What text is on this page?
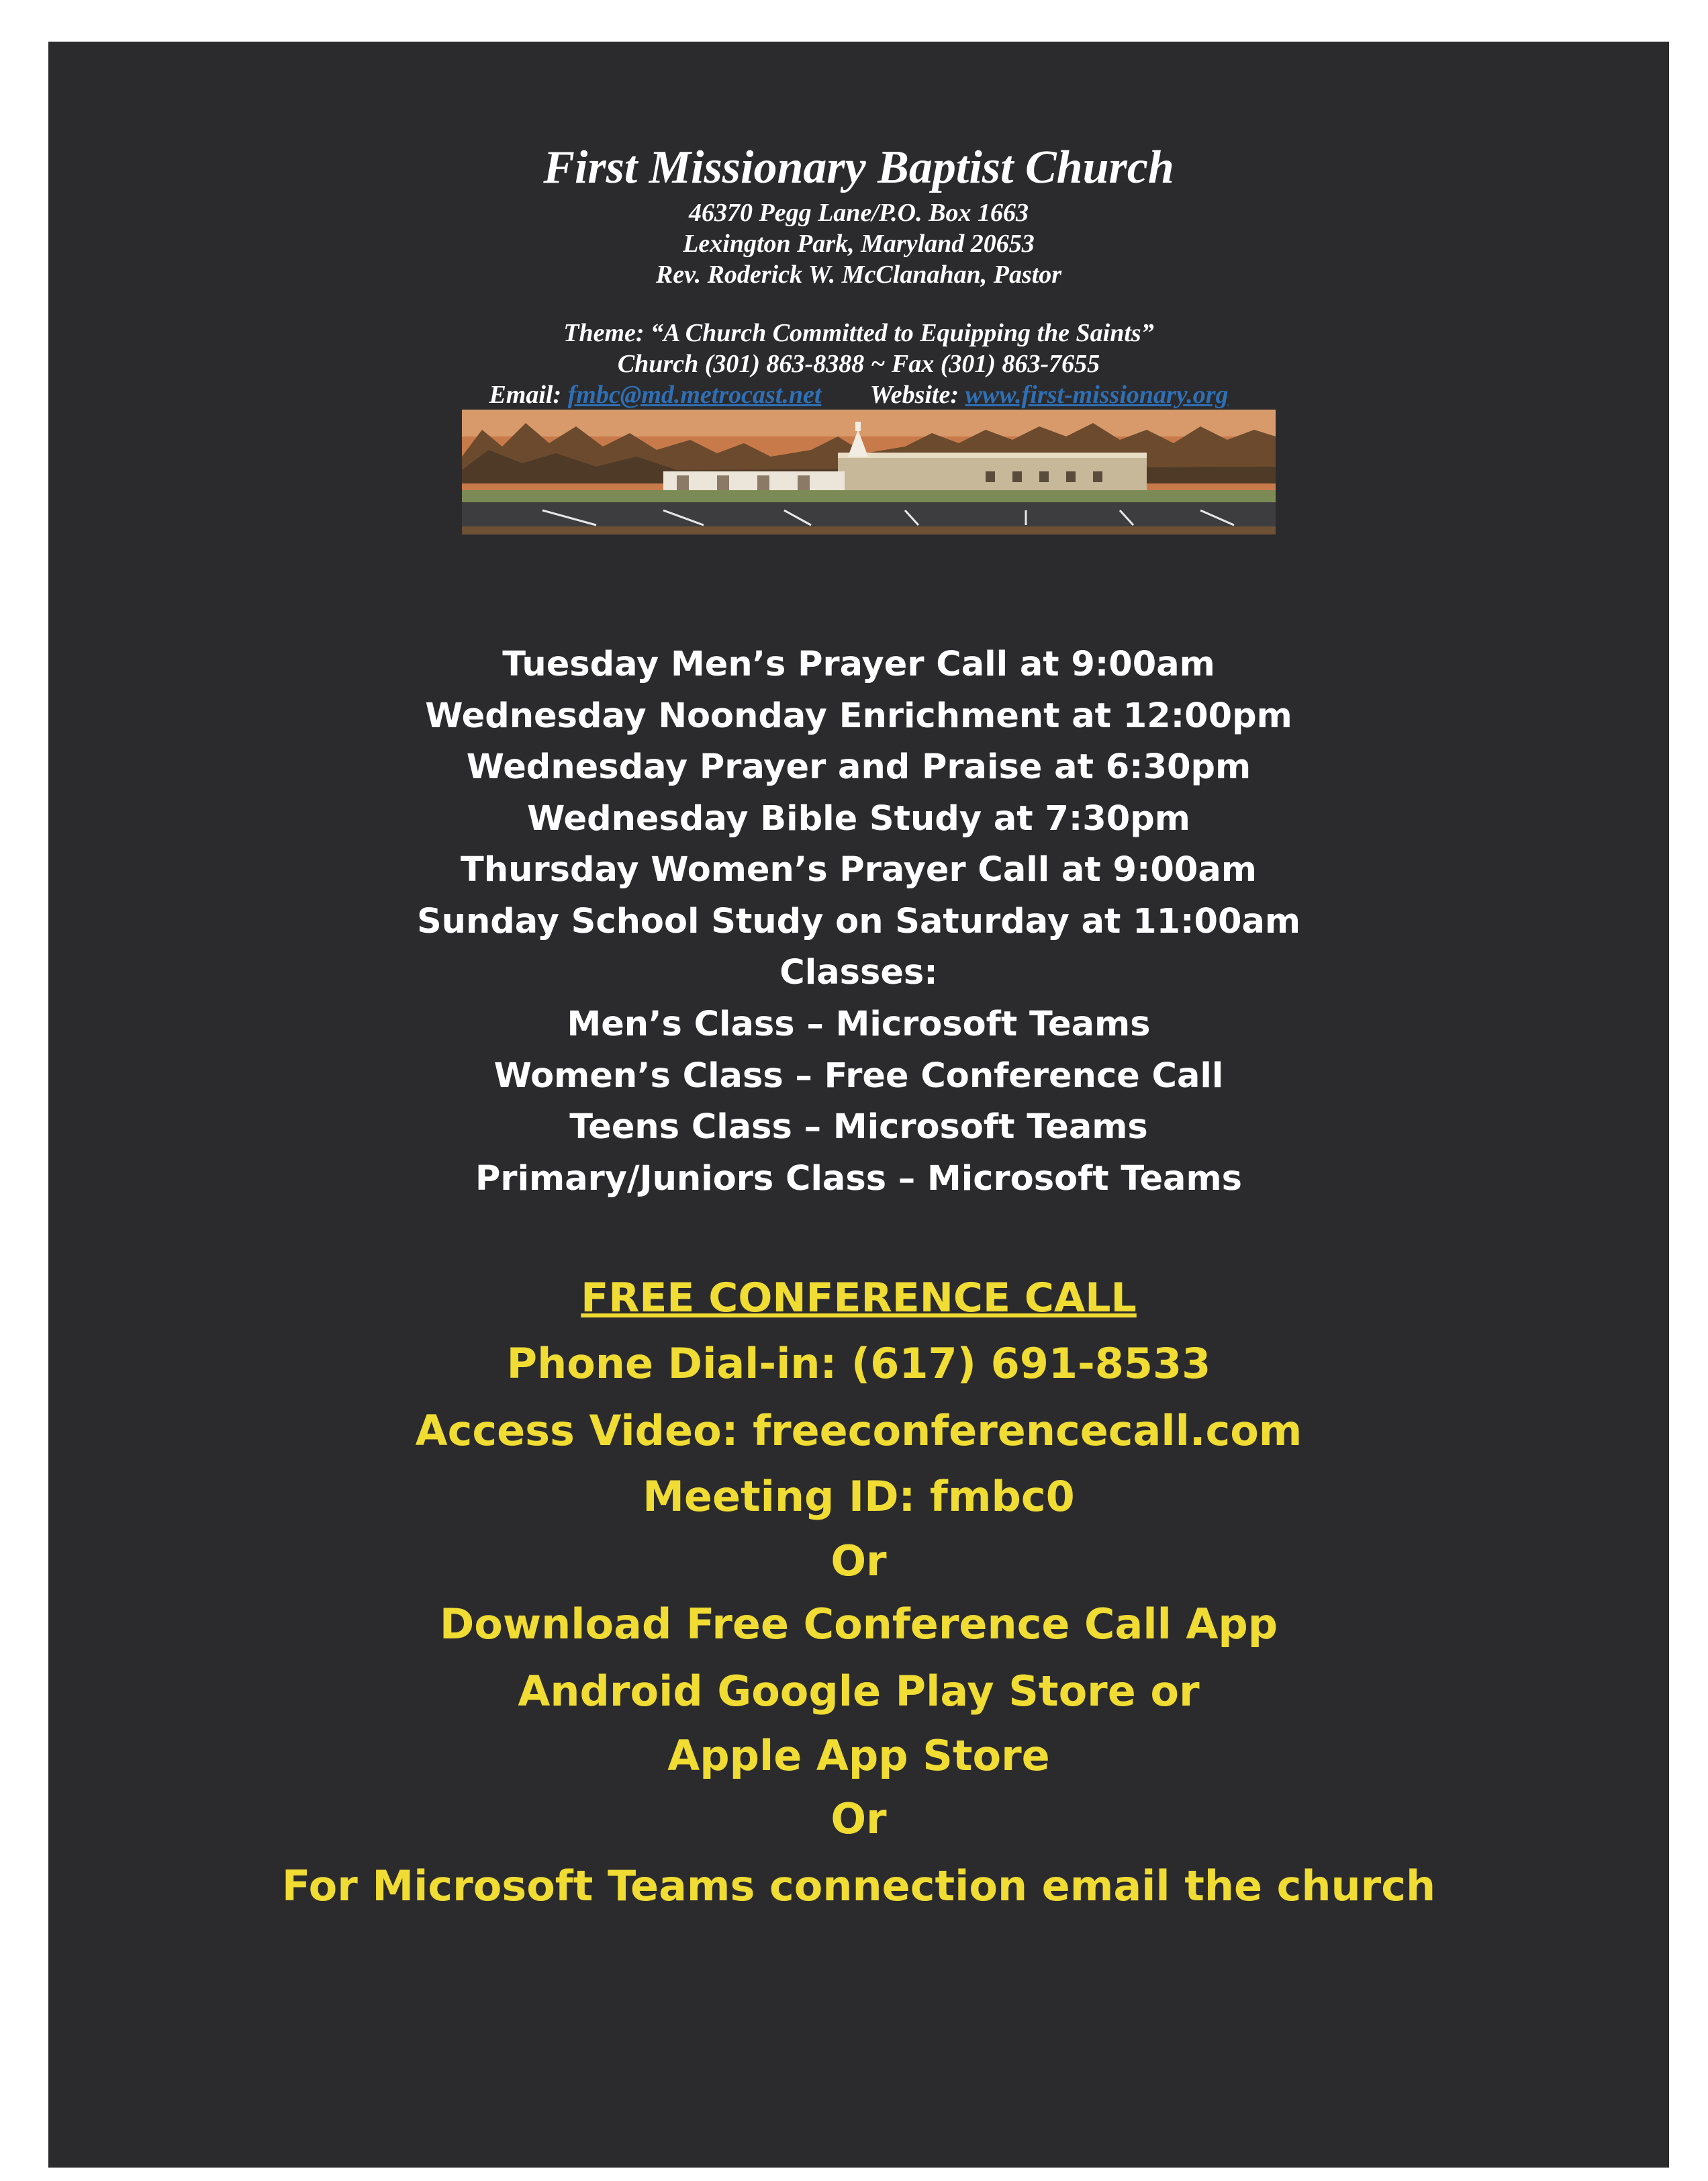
First Missionary Baptist Church
46370 Pegg Lane/P.O. Box 1663
Lexington Park, Maryland 20653
Rev. Roderick W. McClanahan, Pastor
Theme: “A Church Committed to Equipping the Saints”
Church (301) 863-8388 ~ Fax (301) 863-7655
Email: fmbc@md.metrocast.net Website: www.first-missionary.org
Tuesday Men’s Prayer Call at 9:00am
Wednesday Noonday Enrichment at 12:00pm
Wednesday Prayer and Praise at 6:30pm
Wednesday Bible Study at 7:30pm
Thursday Women’s Prayer Call at 9:00am
Sunday School Study on Saturday at 11:00am
Classes:
Men’s Class – Microsoft Teams
Women’s Class – Free Conference Call
Teens Class – Microsoft Teams
Primary/Juniors Class – Microsoft Teams
FREE CONFERENCE CALL
Phone Dial-in: (617) 691-8533
Access Video: freeconferencecall.com
Meeting ID: fmbc0
Or
Download Free Conference Call App
Android Google Play Store or
Apple App Store
Or
For Microsoft Teams connection email the church
